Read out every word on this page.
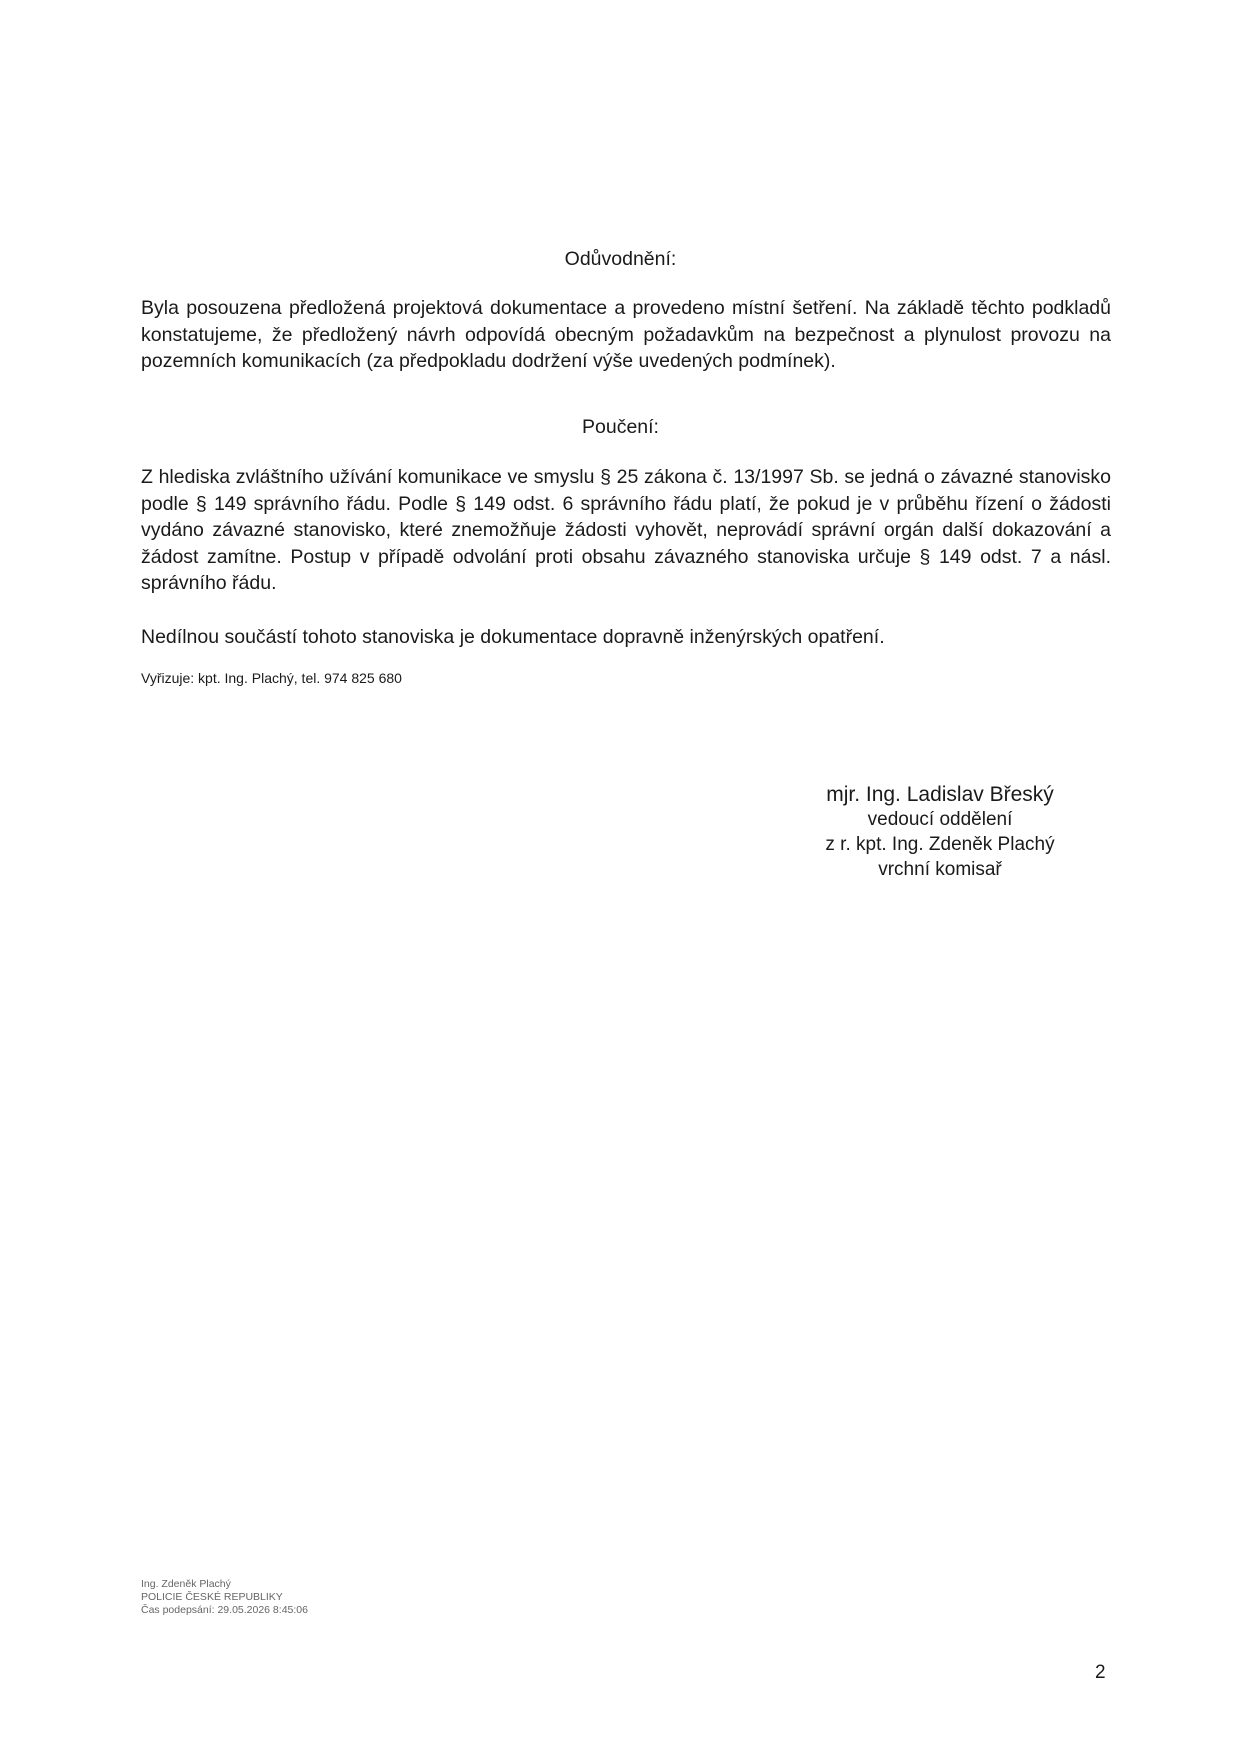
Odůvodnění:

Byla posouzena předložená projektová dokumentace a provedeno místní šetření. Na základě těchto podkladů konstatujeme, že předložený návrh odpovídá obecným požadavkům na bezpečnost a plynulost provozu na pozemních komunikacích (za předpokladu dodržení výše uvedených podmínek).

Poučení:

Z hlediska zvláštního užívání komunikace ve smyslu § 25 zákona č. 13/1997 Sb. se jedná o závazné stanovisko podle § 149 správního řádu. Podle § 149 odst. 6 správního řádu platí, že pokud je v průběhu řízení o žádosti vydáno závazné stanovisko, které znemožňuje žádosti vyhovět, neprovádí správní orgán další dokazování a žádost zamítne. Postup v případě odvolání proti obsahu závazného stanoviska určuje § 149 odst. 7 a násl. správního řádu.

Nedílnou součástí tohoto stanoviska je dokumentace dopravně inženýrských opatření.

Vyřizuje: kpt. Ing. Plachý, tel. 974 825 680

mjr. Ing. Ladislav Břeský
vedoucí oddělení
z r. kpt. Ing. Zdeněk Plachý
vrchní komisař
Ing. Zdeněk Plachý
POLICIE ČESKÉ REPUBLIKY
Čas podepsání: 29.05.2026 8:45:06
2
